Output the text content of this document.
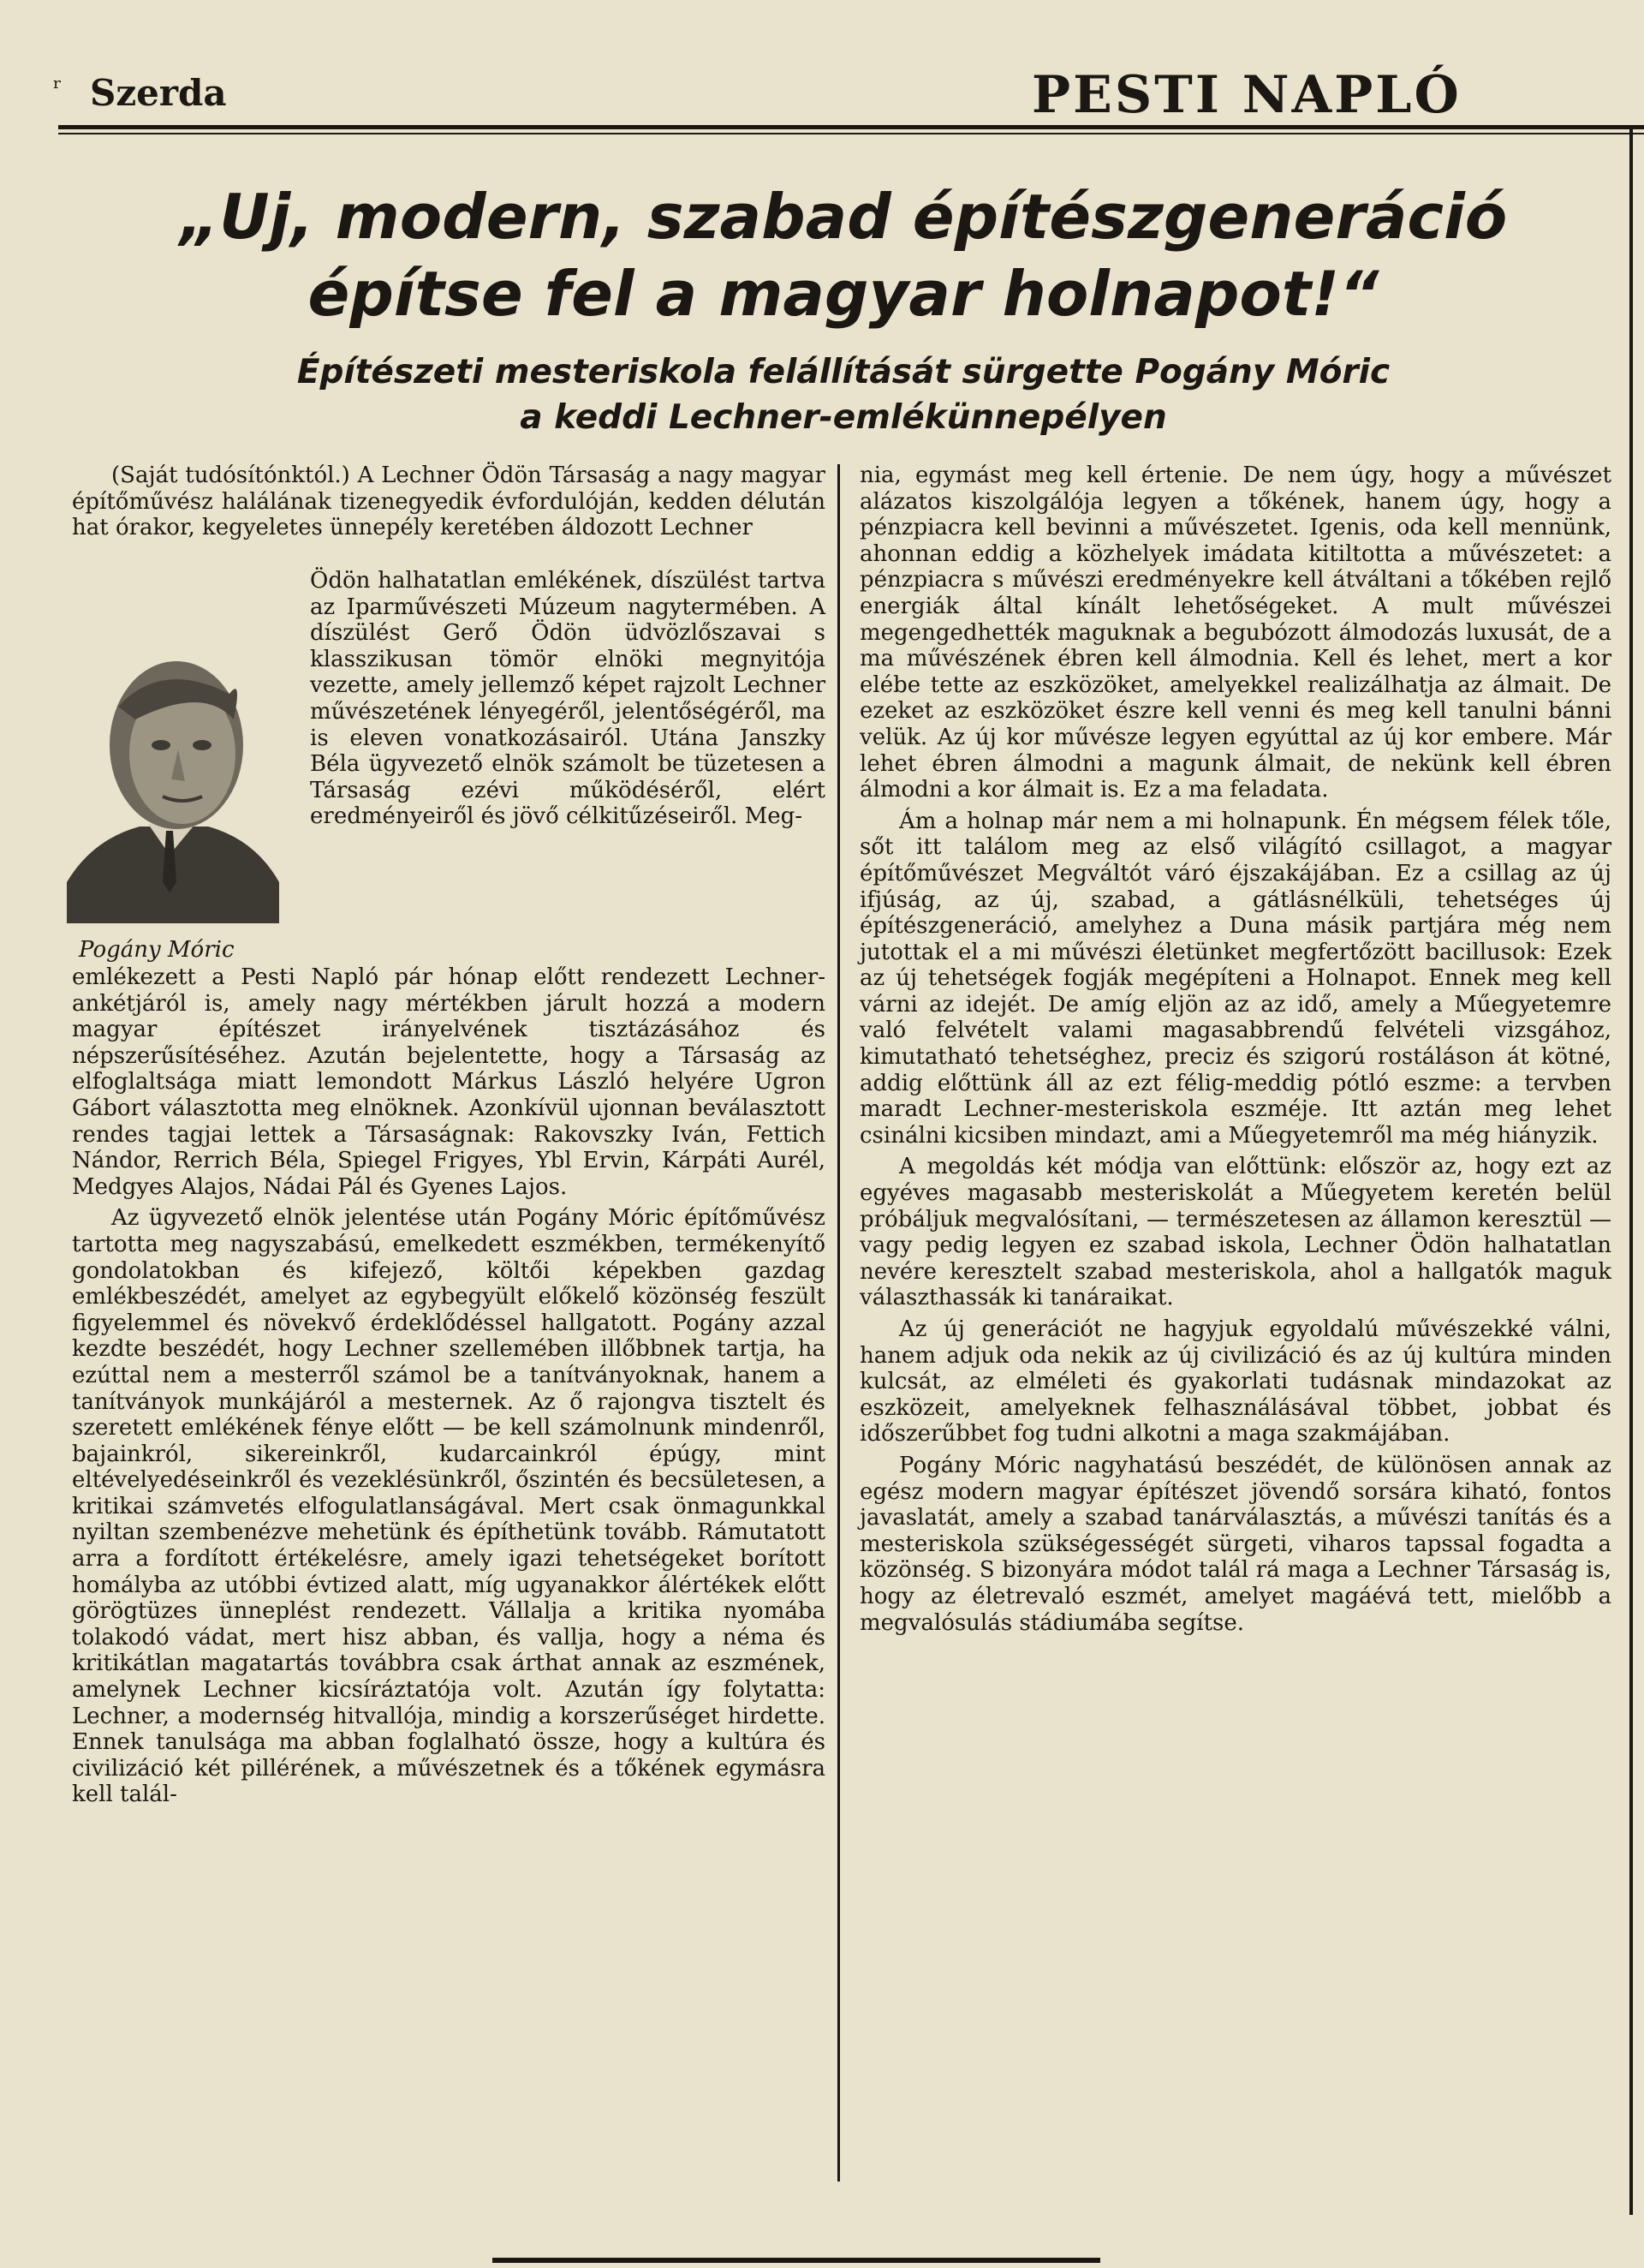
ʳ Szerda	PESTI NAPLÓ
„Uj, modern, szabad építészgeneráció
építse fel a magyar holnapot!“
Építészeti mesteriskola felállítását sürgette Pogány Móric
a keddi Lechner-emlékünnepélyen

(Saját tudósítónktól.) A Lechner Ödön Társaság a nagy magyar építőművész halálának tizenegyedik évfordulóján, kedden délután hat órakor, kegyeletes ünnepély keretében áldozott Lechner

Ödön halhatatlan emlékének, díszülést tartva az Iparművészeti Múzeum nagytermében. A díszülést Gerő Ödön üdvözlőszavai s klasszikusan tömör elnöki megnyitója vezette, amely jellemző képet rajzolt Lechner művészetének lényegéről, jelentőségéről, ma is eleven vonatkozásairól. Utána Janszky Béla ügyvezető elnök számolt be tüzetesen a Társaság ezévi működéséről, elért eredményeiről és jövő célkitűzéseiről. Meg-

Pogány Móric

emlékezett a Pesti Napló pár hónap előtt rendezett Lechner-ankétjáról is, amely nagy mértékben járult hozzá a modern magyar építészet irányelvének tisztázásához és népszerűsítéséhez. Azután bejelentette, hogy a Társaság az elfoglaltsága miatt lemondott Márkus László helyére Ugron Gábort választotta meg elnöknek. Azonkívül ujonnan beválasztott rendes tagjai lettek a Társaságnak: Rakovszky Iván, Fettich Nándor, Rerrich Béla, Spiegel Frigyes, Ybl Ervin, Kárpáti Aurél, Medgyes Alajos, Nádai Pál és Gyenes Lajos.

Az ügyvezető elnök jelentése után Pogány Móric építőművész tartotta meg nagyszabású, emelkedett eszmékben, termékenyítő gondolatokban és kifejező, költői képekben gazdag emlékbeszédét, amelyet az egybegyült előkelő közönség feszült figyelemmel és növekvő érdeklődéssel hallgatott. Pogány azzal kezdte beszédét, hogy Lechner szellemében illőbbnek tartja, ha ezúttal nem a mesterről számol be a tanítványoknak, hanem a tanítványok munkájáról a mesternek. Az ő rajongva tisztelt és szeretett emlékének fénye előtt — be kell számolnunk mindenről, bajainkról, sikereinkről, kudarcainkról épúgy, mint eltévelyedéseinkről és vezeklésünkről, őszintén és becsületesen, a kritikai számvetés elfogulatlanságával. Mert csak önmagunkkal nyiltan szembenézve mehetünk és építhetünk tovább. Rámutatott arra a fordított értékelésre, amely igazi tehetségeket borított homályba az utóbbi évtized alatt, míg ugyanakkor álértékek előtt görögtüzes ünneplést rendezett. Vállalja a kritika nyomába tolakodó vádat, mert hisz abban, és vallja, hogy a néma és kritikátlan magatartás továbbra csak árthat annak az eszmének, amelynek Lechner kicsíráztatója volt. Azután így folytatta: Lechner, a modernség hitvallója, mindig a korszerűséget hirdette. Ennek tanulsága ma abban foglalható össze, hogy a kultúra és civilizáció két pillérének, a művészetnek és a tőkének egymásra kell talál-

nia, egymást meg kell értenie. De nem úgy, hogy a művészet alázatos kiszolgálója legyen a tőkének, hanem úgy, hogy a pénzpiacra kell bevinni a művészetet. Igenis, oda kell mennünk, ahonnan eddig a közhelyek imádata kitiltotta a művészetet: a pénzpiacra s művészi eredményekre kell átváltani a tőkében rejlő energiák által kínált lehetőségeket. A mult művészei megengedhették maguknak a begubózott álmodozás luxusát, de a ma művészének ébren kell álmodnia. Kell és lehet, mert a kor elébe tette az eszközöket, amelyekkel realizálhatja az álmait. De ezeket az eszközöket észre kell venni és meg kell tanulni bánni velük. Az új kor művésze legyen egyúttal az új kor embere. Már lehet ébren álmodni a magunk álmait, de nekünk kell ébren álmodni a kor álmait is. Ez a ma feladata.

Ám a holnap már nem a mi holnapunk. Én mégsem félek tőle, sőt itt találom meg az első világító csillagot, a magyar építőművészet Megváltót váró éjszakájában. Ez a csillag az új ifjúság, az új, szabad, a gátlásnélküli, tehetséges új építészgeneráció, amelyhez a Duna másik partjára még nem jutottak el a mi művészi életünket megfertőzött bacillusok: Ezek az új tehetségek fogják megépíteni a Holnapot. Ennek meg kell várni az idejét. De amíg eljön az az idő, amely a Műegyetemre való felvételt valami magasabbrendű felvételi vizsgához, kimutatható tehetséghez, preciz és szigorú rostáláson át kötné, addig előttünk áll az ezt félig-meddig pótló eszme: a tervben maradt Lechner-mesteriskola eszméje. Itt aztán meg lehet csinálni kicsiben mindazt, ami a Műegyetemről ma még hiányzik.

A megoldás két módja van előttünk: először az, hogy ezt az egyéves magasabb mesteriskolát a Műegyetem keretén belül próbáljuk megvalósítani, — természetesen az államon keresztül — vagy pedig legyen ez szabad iskola, Lechner Ödön halhatatlan nevére keresztelt szabad mesteriskola, ahol a hallgatók maguk választhassák ki tanáraikat.

Az új generációt ne hagyjuk egyoldalú művészekké válni, hanem adjuk oda nekik az új civilizáció és az új kultúra minden kulcsát, az elméleti és gyakorlati tudásnak mindazokat az eszközeit, amelyeknek felhasználásával többet, jobbat és időszerűbbet fog tudni alkotni a maga szakmájában.

Pogány Móric nagyhatású beszédét, de különösen annak az egész modern magyar építészet jövendő sorsára kiható, fontos javaslatát, amely a szabad tanárválasztás, a művészi tanítás és a mesteriskola szükségességét sürgeti, viharos tapssal fogadta a közönség. S bizonyára módot talál rá maga a Lechner Társaság is, hogy az életrevaló eszmét, amelyet magáévá tett, mielőbb a megvalósulás stádiumába segítse.
